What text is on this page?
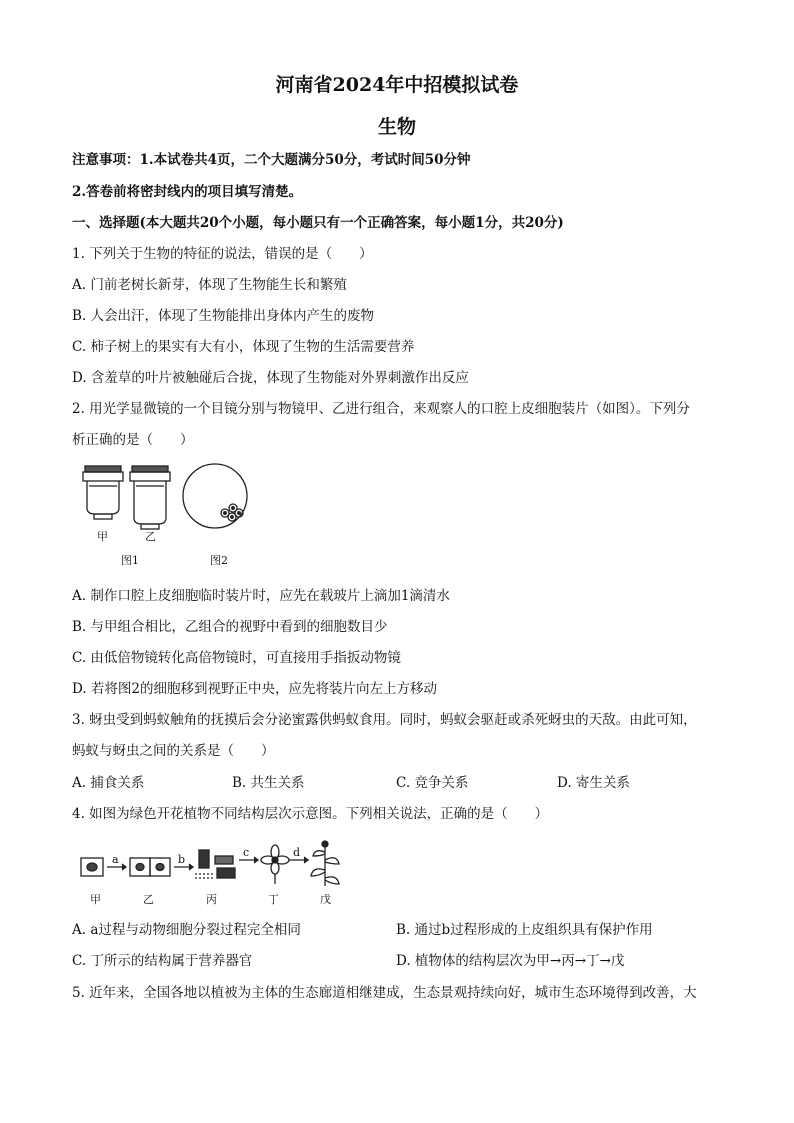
河南省2024年中招模拟试卷
生物
注意事项：1.本试卷共4页，二个大题满分50分，考试时间50分钟
2.答卷前将密封线内的项目填写清楚。
一、选择题(本大题共20个小题，每小题只有一个正确答案，每小题1分，共20分)
1. 下列关于生物的特征的说法，错误的是（　　）
A. 门前老树长新芽，体现了生物能生长和繁殖
B. 人会出汗，体现了生物能排出身体内产生的废物
C. 柿子树上的果实有大有小，体现了生物的生活需要营养
D. 含羞草的叶片被触碰后合拢，体现了生物能对外界刺激作出反应
2. 用光学显微镜的一个目镜分别与物镜甲、乙进行组合，来观察人的口腔上皮细胞装片（如图）。下列分
析正确的是（　　）
甲	乙
图1	图2
A. 制作口腔上皮细胞临时装片时，应先在载玻片上滴加1滴清水
B. 与甲组合相比，乙组合的视野中看到的细胞数目少
C. 由低倍物镜转化高倍物镜时，可直接用手指扳动物镜
D. 若将图2的细胞移到视野正中央，应先将装片向左上方移动
3. 蚜虫受到蚂蚁触角的抚摸后会分泌蜜露供蚂蚁食用。同时，蚂蚁会驱赶或杀死蚜虫的天敌。由此可知，
蚂蚁与蚜虫之间的关系是（　　）
A. 捕食关系	B. 共生关系	C. 竞争关系	D. 寄生关系
4. 如图为绿色开花植物不同结构层次示意图。下列相关说法，正确的是（　　）
a	b
c	d
甲	乙	丙	丁	戊
A. a过程与动物细胞分裂过程完全相同	B. 通过b过程形成的上皮组织具有保护作用
C. 丁所示的结构属于营养器官	D. 植物体的结构层次为甲→丙→丁→戊
5. 近年来，全国各地以植被为主体的生态廊道相继建成，生态景观持续向好，城市生态环境得到改善，大
